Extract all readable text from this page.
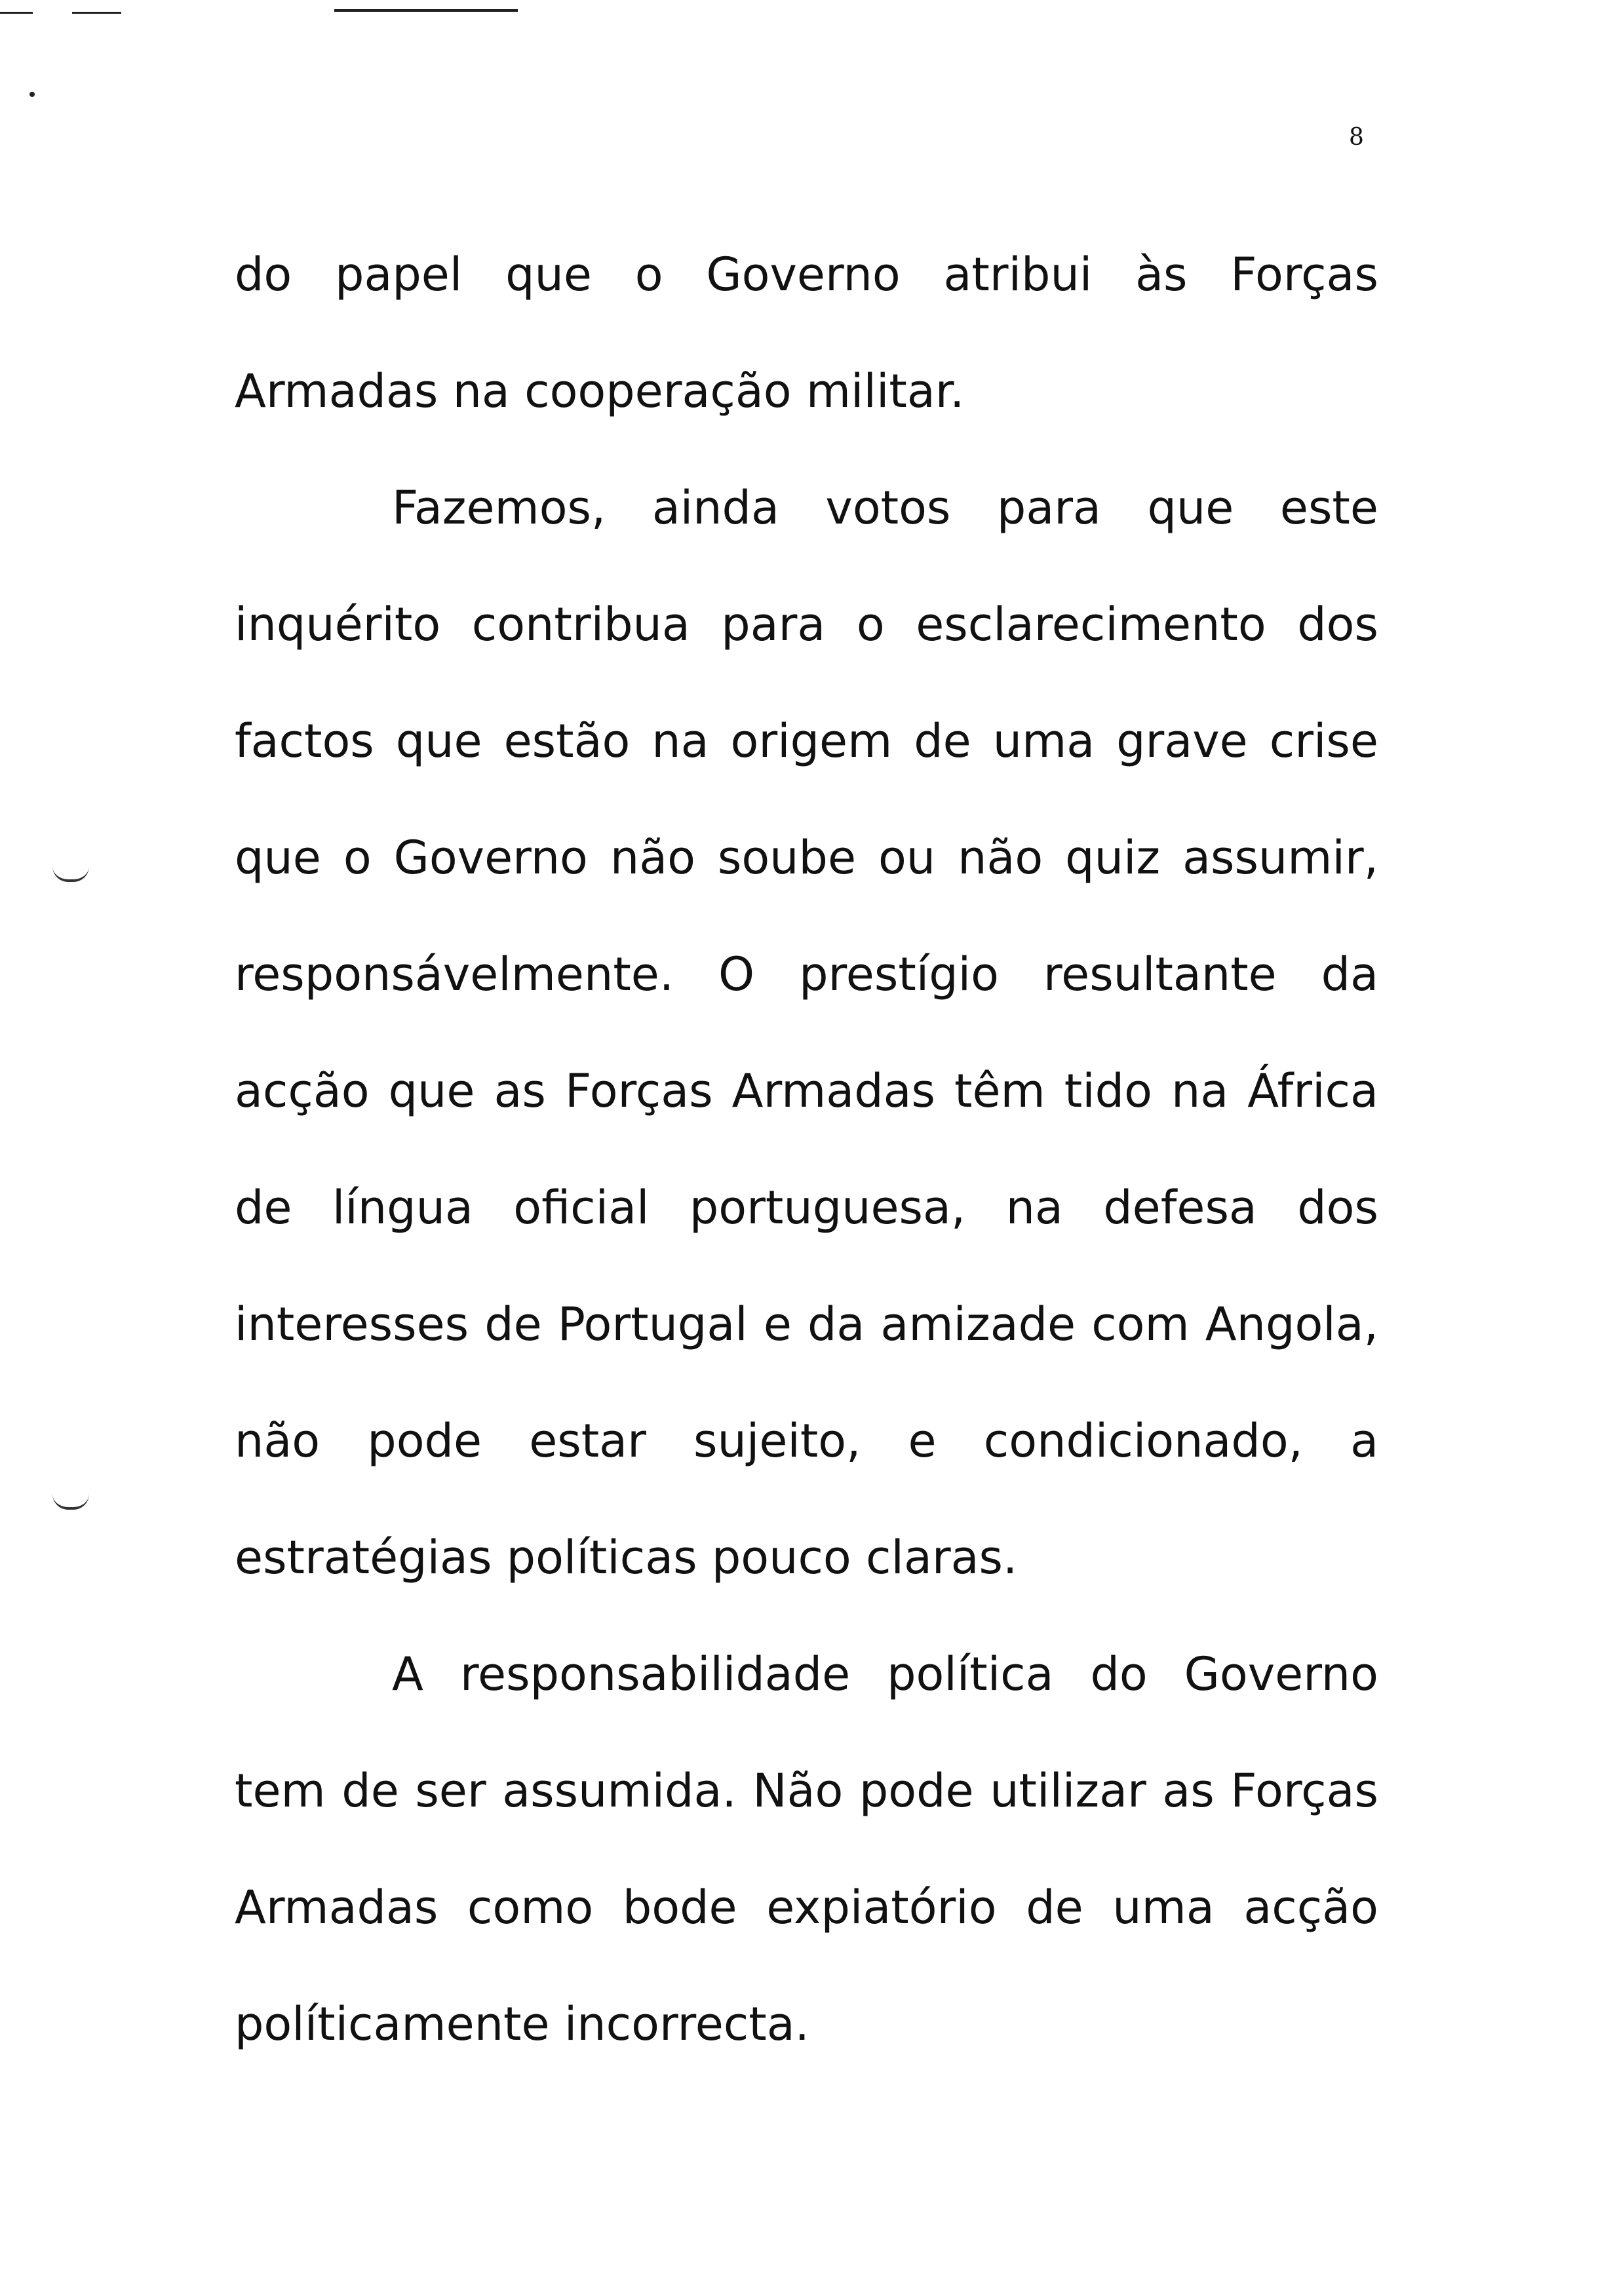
8
do papel que o Governo atribui às Forças
Armadas na cooperação militar.
Fazemos, ainda votos para que este
inquérito contribua para o esclarecimento dos
factos que estão na origem de uma grave crise
que o Governo não soube ou não quiz assumir,
responsávelmente. O prestígio resultante da
acção que as Forças Armadas têm tido na África
de língua oficial portuguesa, na defesa dos
interesses de Portugal e da amizade com Angola,
não pode estar sujeito, e condicionado, a
estratégias políticas pouco claras.
A responsabilidade política do Governo
tem de ser assumida. Não pode utilizar as Forças
Armadas como bode expiatório de uma acção
políticamente incorrecta.
